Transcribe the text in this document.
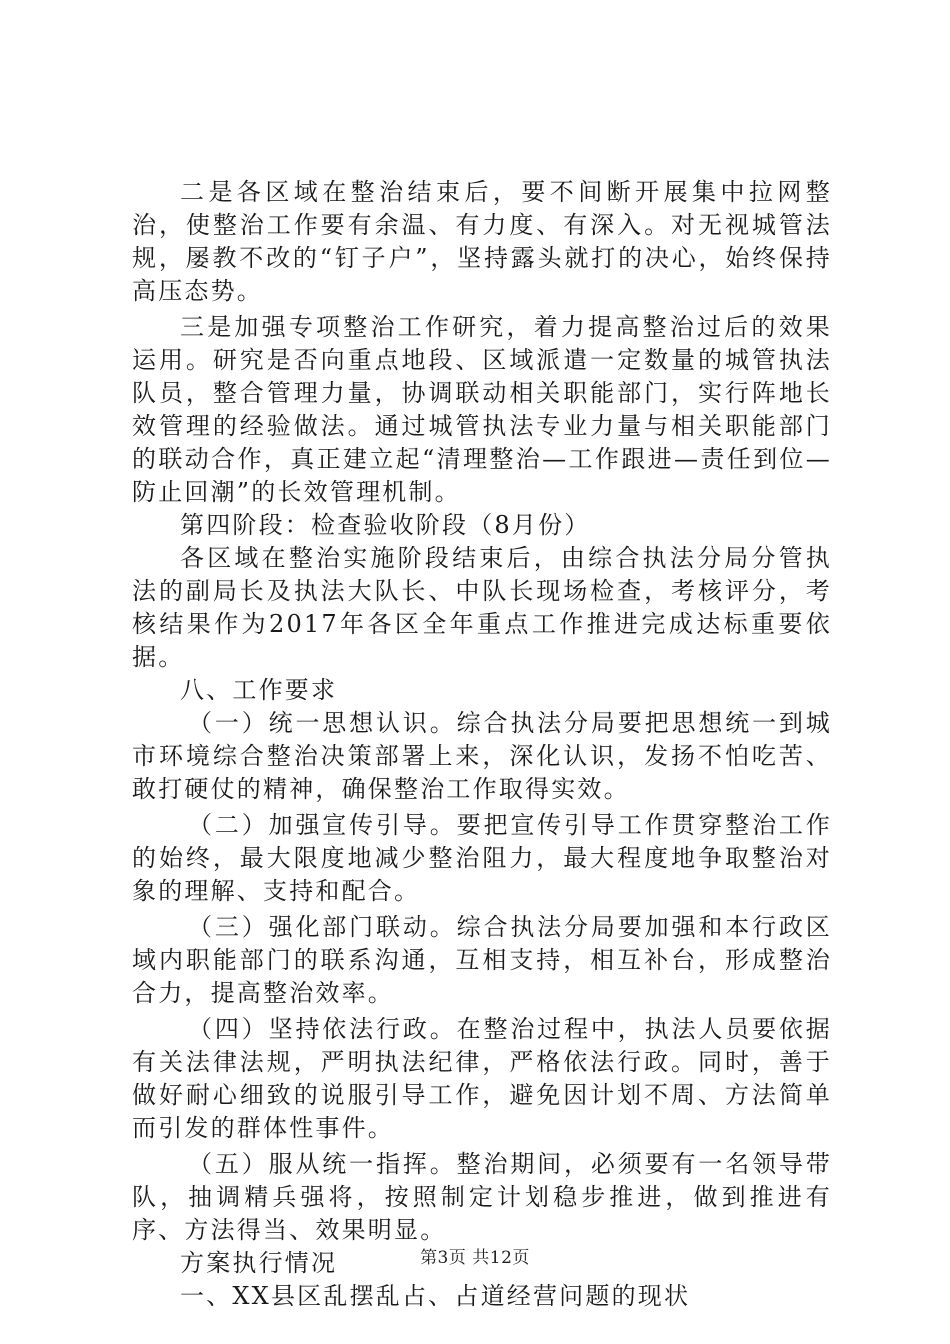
二是各区域在整治结束后，要不间断开展集中拉网整治，使整治工作要有余温、有力度、有深入。对无视城管法规，屡教不改的“钉子户”，坚持露头就打的决心，始终保持高压态势。

三是加强专项整治工作研究，着力提高整治过后的效果运用。研究是否向重点地段、区域派遣一定数量的城管执法队员，整合管理力量，协调联动相关职能部门，实行阵地长效管理的经验做法。通过城管执法专业力量与相关职能部门的联动合作，真正建立起“清理整治—工作跟进—责任到位—防止回潮”的长效管理机制。

第四阶段：检查验收阶段（8月份）

各区域在整治实施阶段结束后，由综合执法分局分管执法的副局长及执法大队长、中队长现场检查，考核评分，考核结果作为2017年各区全年重点工作推进完成达标重要依据。

八、工作要求

（一）统一思想认识。综合执法分局要把思想统一到城市环境综合整治决策部署上来，深化认识，发扬不怕吃苦、敢打硬仗的精神，确保整治工作取得实效。

（二）加强宣传引导。要把宣传引导工作贯穿整治工作的始终，最大限度地减少整治阻力，最大程度地争取整治对象的理解、支持和配合。

（三）强化部门联动。综合执法分局要加强和本行政区域内职能部门的联系沟通，互相支持，相互补台，形成整治合力，提高整治效率。

（四）坚持依法行政。在整治过程中，执法人员要依据有关法律法规，严明执法纪律，严格依法行政。同时，善于做好耐心细致的说服引导工作，避免因计划不周、方法简单而引发的群体性事件。

（五）服从统一指挥。整治期间，必须要有一名领导带队，抽调精兵强将，按照制定计划稳步推进，做到推进有序、方法得当、效果明显。

方案执行情况

一、XX县区乱摆乱占、占道经营问题的现状

第3页 共12页
